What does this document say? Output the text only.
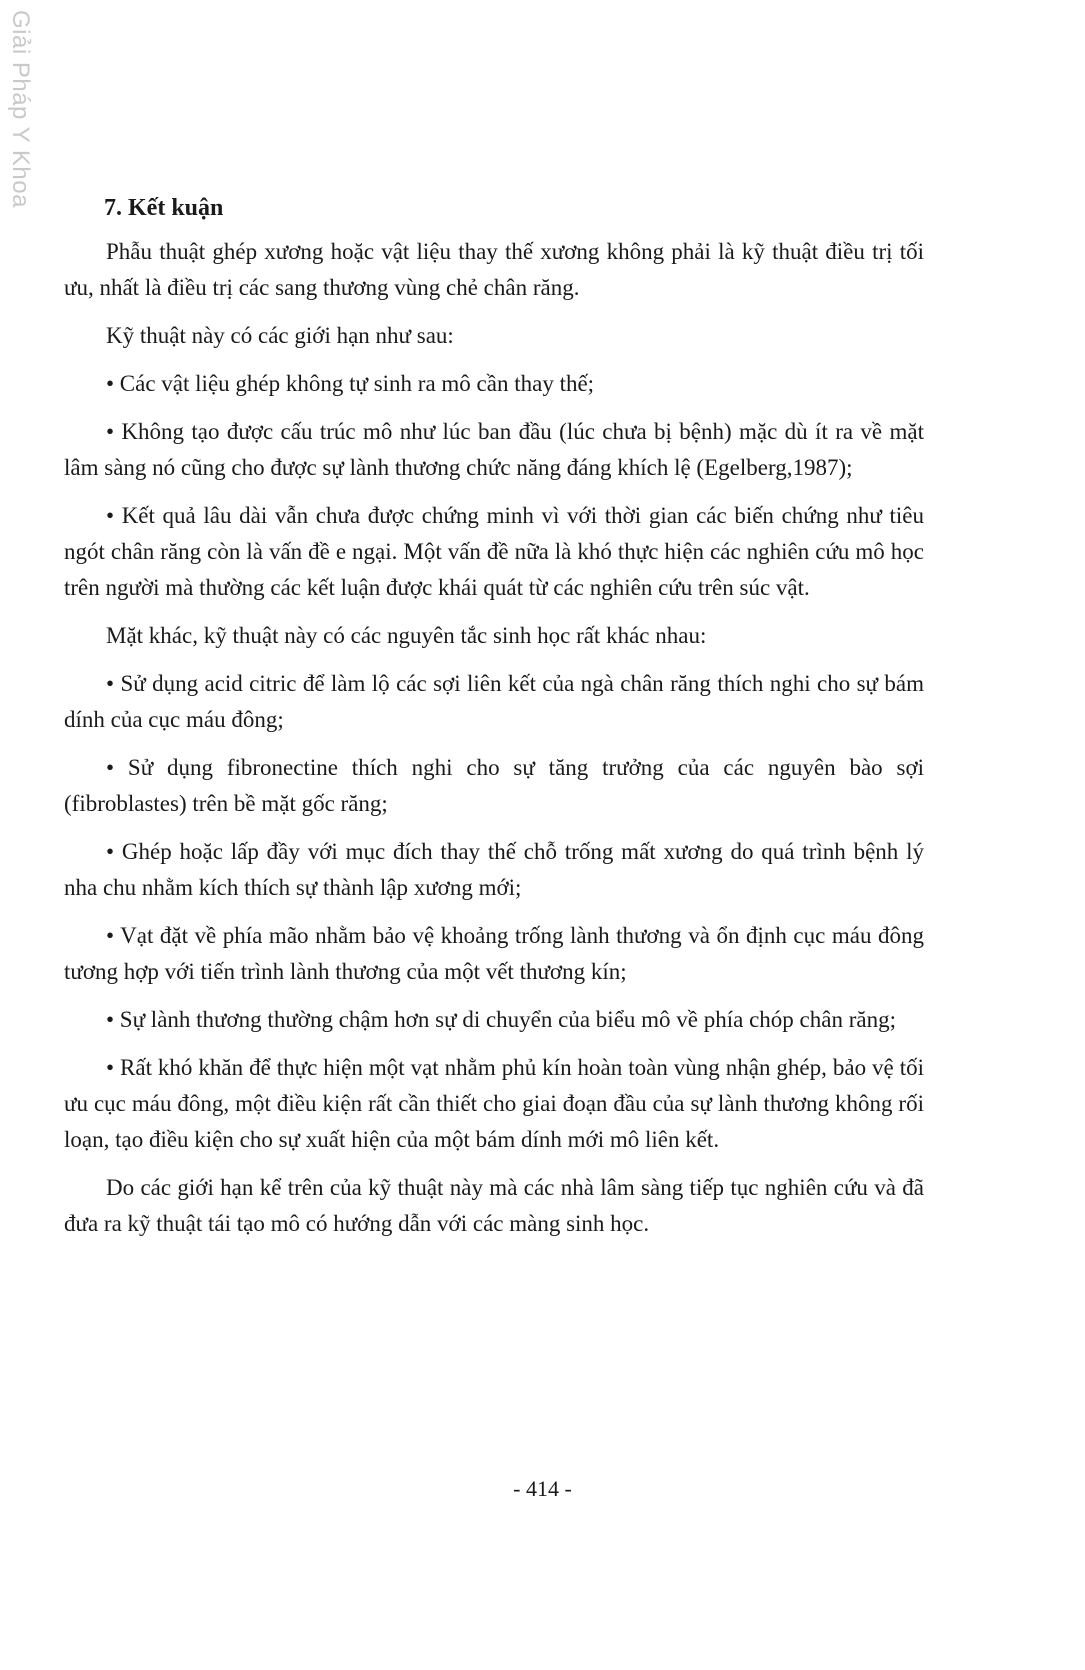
Giải Pháp Y Khoa
7. Kết kuận

Phẫu thuật ghép xương hoặc vật liệu thay thế xương không phải là kỹ thuật điều trị tối ưu, nhất là điều trị các sang thương vùng chẻ chân răng.

Kỹ thuật này có các giới hạn như sau:

• Các vật liệu ghép không tự sinh ra mô cần thay thế;

• Không tạo được cấu trúc mô như lúc ban đầu (lúc chưa bị bệnh) mặc dù ít ra về mặt lâm sàng nó cũng cho được sự lành thương chức năng đáng khích lệ (Egelberg,1987);

• Kết quả lâu dài vẫn chưa được chứng minh vì với thời gian các biến chứng như tiêu ngót chân răng còn là vấn đề e ngại. Một vấn đề nữa là khó thực hiện các nghiên cứu mô học trên người mà thường các kết luận được khái quát từ các nghiên cứu trên súc vật.

Mặt khác, kỹ thuật này có các nguyên tắc sinh học rất khác nhau:

• Sử dụng acid citric để làm lộ các sợi liên kết của ngà chân răng thích nghi cho sự bám dính của cục máu đông;

• Sử dụng fibronectine thích nghi cho sự tăng trưởng của các nguyên bào sợi (fibroblastes) trên bề mặt gốc răng;

• Ghép hoặc lấp đầy với mục đích thay thế chỗ trống mất xương do quá trình bệnh lý nha chu nhằm kích thích sự thành lập xương mới;

• Vạt đặt về phía mão nhằm bảo vệ khoảng trống lành thương và ổn định cục máu đông tương hợp với tiến trình lành thương của một vết thương kín;

• Sự lành thương thường chậm hơn sự di chuyển của biểu mô về phía chóp chân răng;

• Rất khó khăn để thực hiện một vạt nhằm phủ kín hoàn toàn vùng nhận ghép, bảo vệ tối ưu cục máu đông, một điều kiện rất cần thiết cho giai đoạn đầu của sự lành thương không rối loạn, tạo điều kiện cho sự xuất hiện của một bám dính mới mô liên kết.

Do các giới hạn kể trên của kỹ thuật này mà các nhà lâm sàng tiếp tục nghiên cứu và đã đưa ra kỹ thuật tái tạo mô có hướng dẫn với các màng sinh học.

- 414 -
